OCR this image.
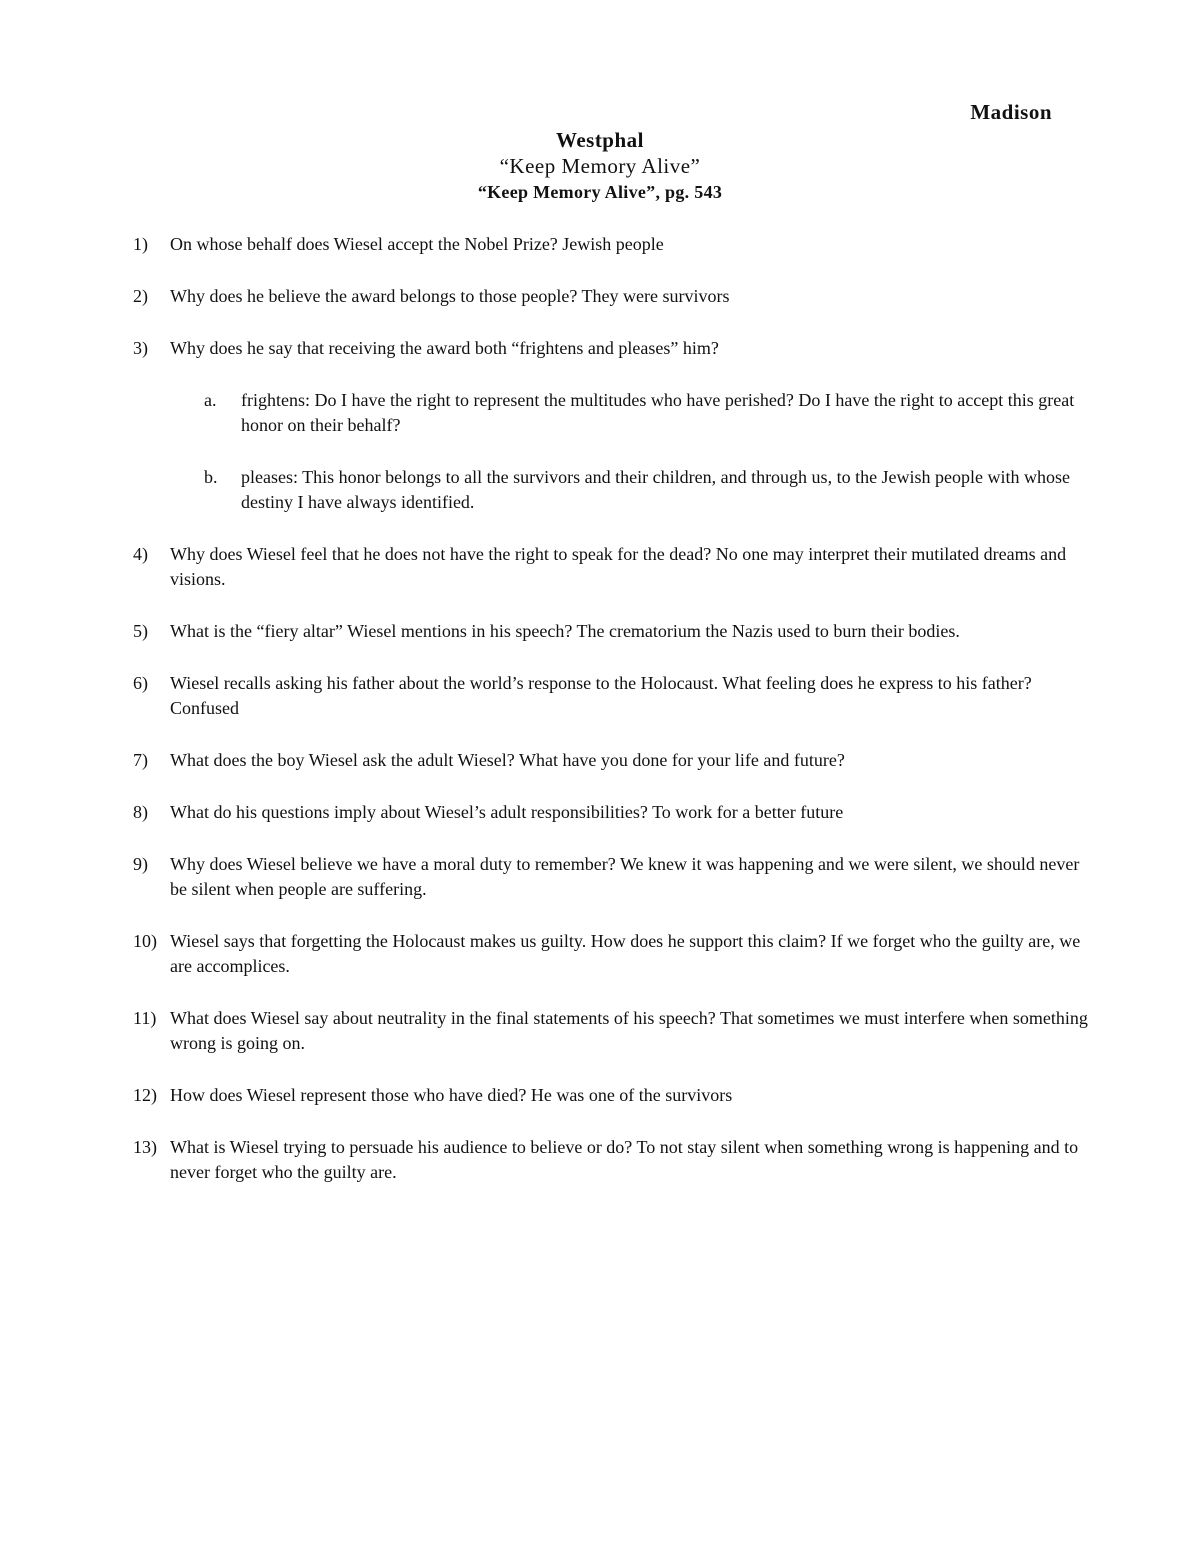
Madison
Westphal
“Keep Memory Alive”
“Keep Memory Alive”, pg. 543
1) On whose behalf does Wiesel accept the Nobel Prize? Jewish people
2) Why does he believe the award belongs to those people? They were survivors
3) Why does he say that receiving the award both “frightens and pleases” him?
a. frightens: Do I have the right to represent the multitudes who have perished? Do I have the right to accept this great honor on their behalf?
b. pleases: This honor belongs to all the survivors and their children, and through us, to the Jewish people with whose destiny I have always identified.
4) Why does Wiesel feel that he does not have the right to speak for the dead? No one may interpret their mutilated dreams and visions.
5) What is the “fiery altar” Wiesel mentions in his speech? The crematorium the Nazis used to burn their bodies.
6) Wiesel recalls asking his father about the world’s response to the Holocaust. What feeling does he express to his father? Confused
7) What does the boy Wiesel ask the adult Wiesel? What have you done for your life and future?
8) What do his questions imply about Wiesel’s adult responsibilities? To work for a better future
9) Why does Wiesel believe we have a moral duty to remember? We knew it was happening and we were silent, we should never be silent when people are suffering.
10) Wiesel says that forgetting the Holocaust makes us guilty. How does he support this claim? If we forget who the guilty are, we are accomplices.
11) What does Wiesel say about neutrality in the final statements of his speech? That sometimes we must interfere when something wrong is going on.
12) How does Wiesel represent those who have died? He was one of the survivors
13) What is Wiesel trying to persuade his audience to believe or do? To not stay silent when something wrong is happening and to never forget who the guilty are.
